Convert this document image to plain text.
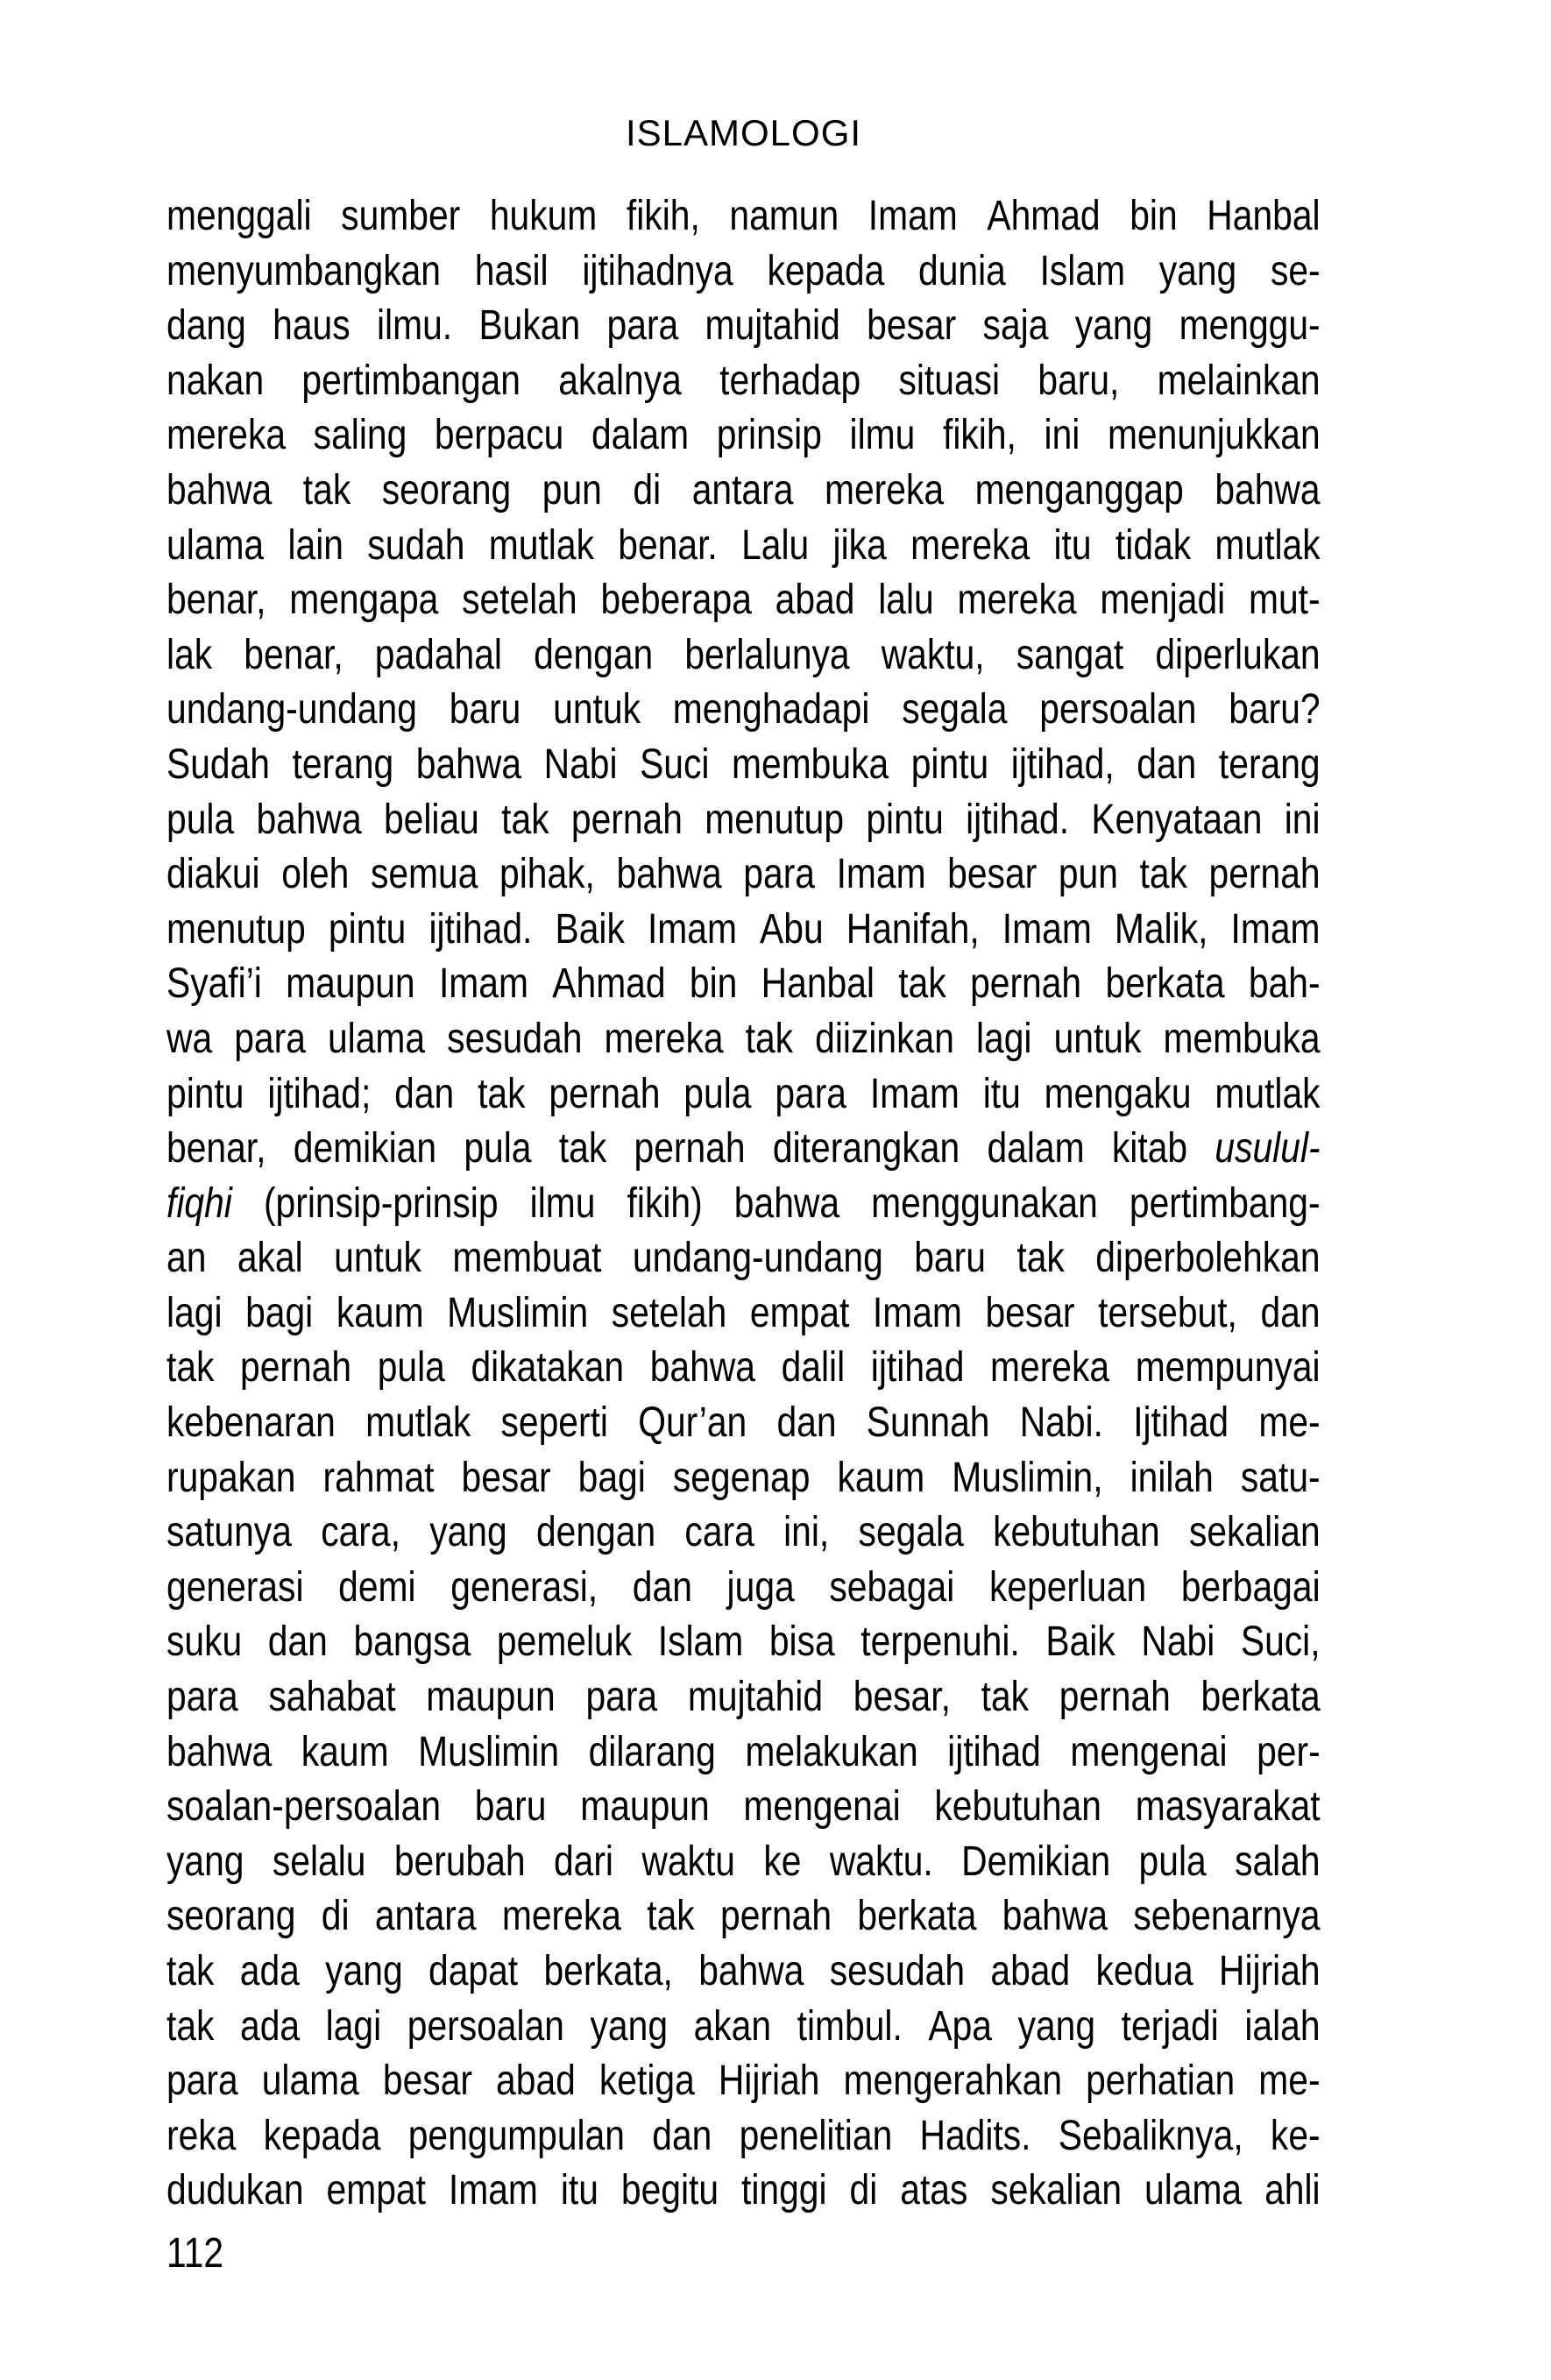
ISLAMOLOGI
menggali sumber hukum fikih, namun Imam Ahmad bin Hanbal
menyumbangkan hasil ijtihadnya kepada dunia Islam yang se-
dang haus ilmu. Bukan para mujtahid besar saja yang menggu-
nakan pertimbangan akalnya terhadap situasi baru, melainkan
mereka saling berpacu dalam prinsip ilmu fikih, ini menunjukkan
bahwa tak seorang pun di antara mereka menganggap bahwa
ulama lain sudah mutlak benar. Lalu jika mereka itu tidak mutlak
benar, mengapa setelah beberapa abad lalu mereka menjadi mut-
lak benar, padahal dengan berlalunya waktu, sangat diperlukan
undang-undang baru untuk menghadapi segala persoalan baru?
Sudah terang bahwa Nabi Suci membuka pintu ijtihad, dan terang
pula bahwa beliau tak pernah menutup pintu ijtihad. Kenyataan ini
diakui oleh semua pihak, bahwa para Imam besar pun tak pernah
menutup pintu ijtihad. Baik Imam Abu Hanifah, Imam Malik, Imam
Syafi’i maupun Imam Ahmad bin Hanbal tak pernah berkata bah-
wa para ulama sesudah mereka tak diizinkan lagi untuk membuka
pintu ijtihad; dan tak pernah pula para Imam itu mengaku mutlak
benar, demikian pula tak pernah diterangkan dalam kitab usulul-
fiqhi (prinsip-prinsip ilmu fikih) bahwa menggunakan pertimbang-
an akal untuk membuat undang-undang baru tak diperbolehkan
lagi bagi kaum Muslimin setelah empat Imam besar tersebut, dan
tak pernah pula dikatakan bahwa dalil ijtihad mereka mempunyai
kebenaran mutlak seperti Qur’an dan Sunnah Nabi. Ijtihad me-
rupakan rahmat besar bagi segenap kaum Muslimin, inilah satu-
satunya cara, yang dengan cara ini, segala kebutuhan sekalian
generasi demi generasi, dan juga sebagai keperluan berbagai
suku dan bangsa pemeluk Islam bisa terpenuhi. Baik Nabi Suci,
para sahabat maupun para mujtahid besar, tak pernah berkata
bahwa kaum Muslimin dilarang melakukan ijtihad mengenai per-
soalan-persoalan baru maupun mengenai kebutuhan masyarakat
yang selalu berubah dari waktu ke waktu. Demikian pula salah
seorang di antara mereka tak pernah berkata bahwa sebenarnya
tak ada yang dapat berkata, bahwa sesudah abad kedua Hijriah
tak ada lagi persoalan yang akan timbul. Apa yang terjadi ialah
para ulama besar abad ketiga Hijriah mengerahkan perhatian me-
reka kepada pengumpulan dan penelitian Hadits. Sebaliknya, ke-
dudukan empat Imam itu begitu tinggi di atas sekalian ulama ahli
112
